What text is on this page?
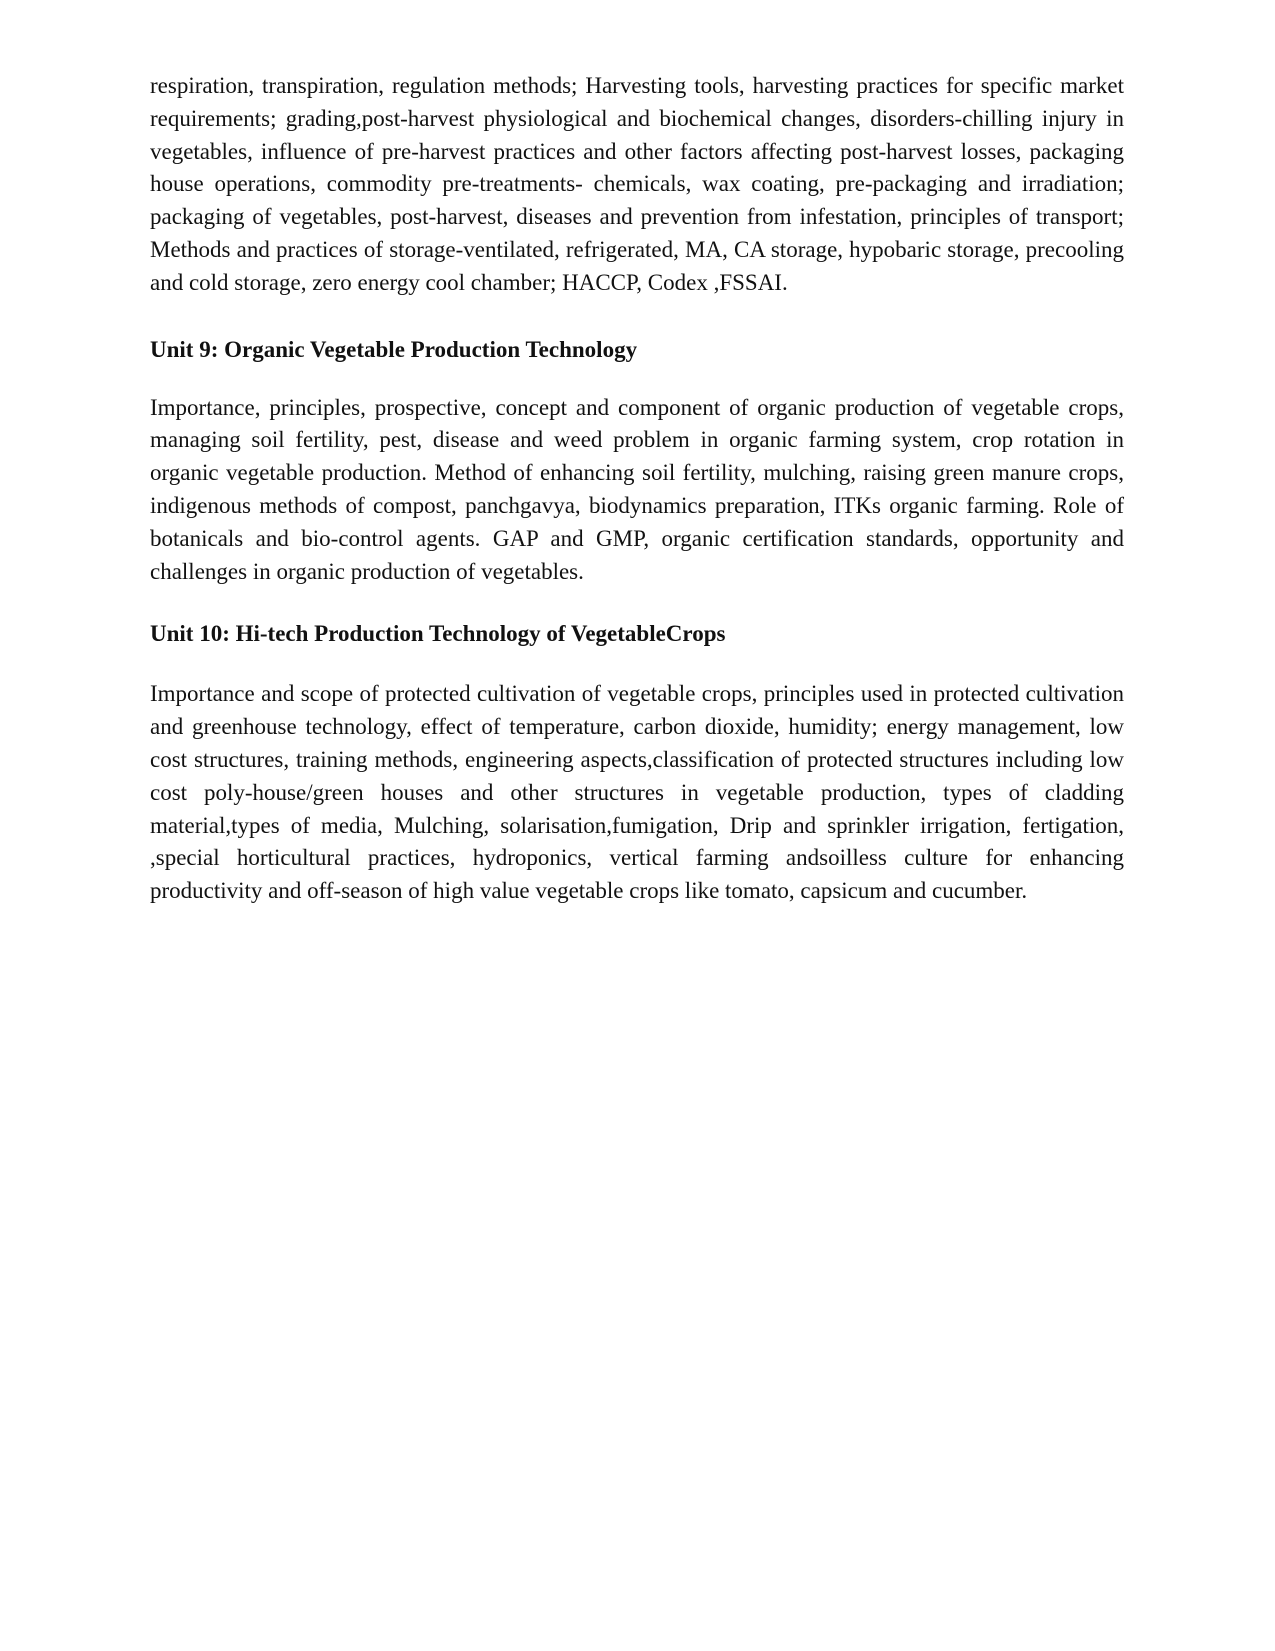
respiration, transpiration, regulation methods; Harvesting tools, harvesting practices for specific market requirements; grading,post-harvest physiological and biochemical changes, disorders-chilling injury in vegetables, influence of pre-harvest practices and other factors affecting post-harvest losses, packaging house operations, commodity pre-treatments- chemicals, wax coating, pre-packaging and irradiation; packaging of vegetables, post-harvest, diseases and prevention from infestation, principles of transport; Methods and practices of storage-ventilated, refrigerated, MA, CA storage, hypobaric storage, precooling and cold storage, zero energy cool chamber; HACCP, Codex ,FSSAI.

Unit 9: Organic Vegetable Production Technology

Importance, principles, prospective, concept and component of organic production of vegetable crops, managing soil fertility, pest, disease and weed problem in organic farming system, crop rotation in organic vegetable production. Method of enhancing soil fertility, mulching, raising green manure crops, indigenous methods of compost, panchgavya, biodynamics preparation, ITKs organic farming. Role of botanicals and bio-control agents. GAP and GMP, organic certification standards, opportunity and challenges in organic production of vegetables.

Unit 10: Hi-tech Production Technology of VegetableCrops

Importance and scope of protected cultivation of vegetable crops, principles used in protected cultivation and greenhouse technology, effect of temperature, carbon dioxide, humidity; energy management, low cost structures, training methods, engineering aspects,classification of protected structures including low cost poly-house/green houses and other structures in vegetable production, types of cladding material,types of media, Mulching, solarisation,fumigation, Drip and sprinkler irrigation, fertigation, ,special horticultural practices, hydroponics, vertical farming andsoilless culture for enhancing productivity and off-season of high value vegetable crops like tomato, capsicum and cucumber.
